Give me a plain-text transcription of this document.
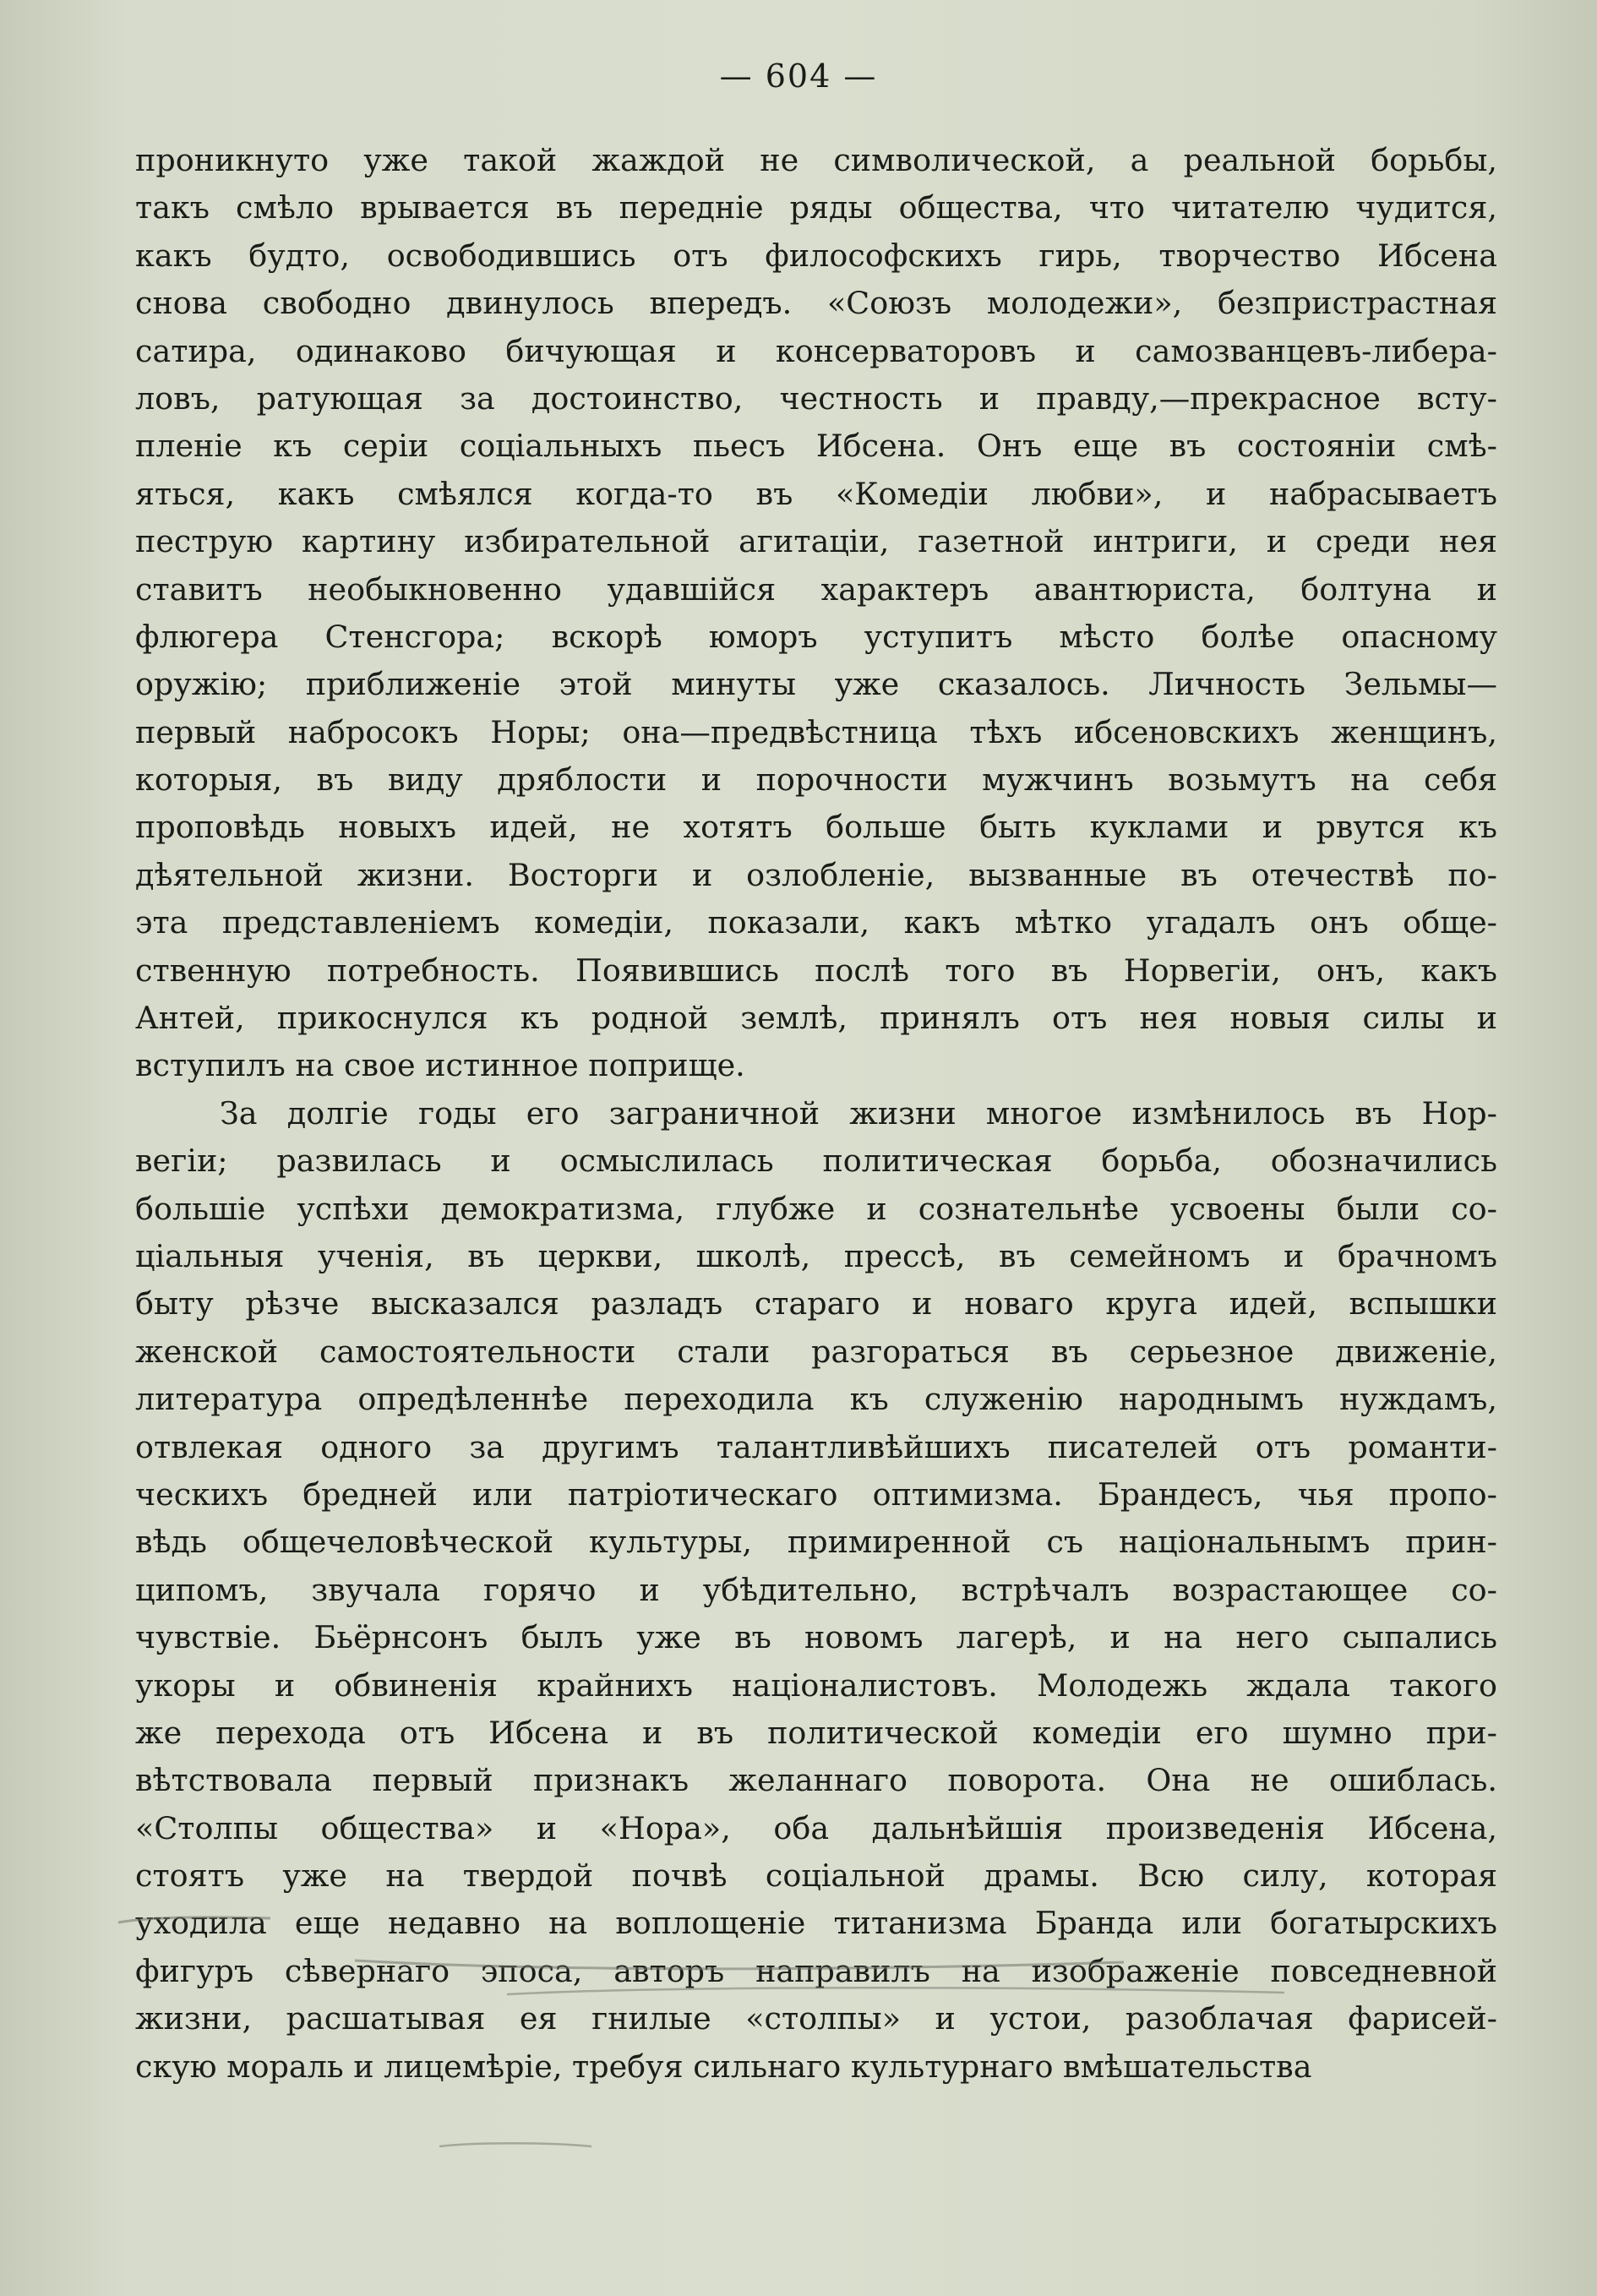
— 604 —
проникнуто уже такой жаждой не символической, а реальной борьбы,
такъ смѣло врывается въ передніе ряды общества, что читателю чудится,
какъ будто, освободившись отъ философскихъ гирь, творчество Ибсена
снова свободно двинулось впередъ. «Союзъ молодежи», безпристрастная
сатира, одинаково бичующая и консерваторовъ и самозванцевъ-либера-
ловъ, ратующая за достоинство, честность и правду,—прекрасное всту-
пленіе къ серіи соціальныхъ пьесъ Ибсена. Онъ еще въ состояніи смѣ-
яться, какъ смѣялся когда-то въ «Комедіи любви», и набрасываетъ
пеструю картину избирательной агитаціи, газетной интриги, и среди нея
ставитъ необыкновенно удавшійся характеръ авантюриста, болтуна и
флюгера Стенсгора; вскорѣ юморъ уступитъ мѣсто болѣе опасному
оружію; приближеніе этой минуты уже сказалось. Личность Зельмы—
первый набросокъ Норы; она—предвѣстница тѣхъ ибсеновскихъ женщинъ,
которыя, въ виду дряблости и порочности мужчинъ возьмутъ на себя
проповѣдь новыхъ идей, не хотятъ больше быть куклами и рвутся къ
дѣятельной жизни. Восторги и озлобленіе, вызванные въ отечествѣ по-
эта представленіемъ комедіи, показали, какъ мѣтко угадалъ онъ обще-
ственную потребность. Появившись послѣ того въ Норвегіи, онъ, какъ
Антей, прикоснулся къ родной землѣ, принялъ отъ нея новыя силы и
вступилъ на свое истинное поприще.
За долгіе годы его заграничной жизни многое измѣнилось въ Нор-
вегіи; развилась и осмыслилась политическая борьба, обозначились
большіе успѣхи демократизма, глубже и сознательнѣе усвоены были со-
ціальныя ученія, въ церкви, школѣ, прессѣ, въ семейномъ и брачномъ
быту рѣзче высказался разладъ стараго и новаго круга идей, вспышки
женской самостоятельности стали разгораться въ серьезное движеніе,
литература опредѣленнѣе переходила къ служенію народнымъ нуждамъ,
отвлекая одного за другимъ талантливѣйшихъ писателей отъ романти-
ческихъ бредней или патріотическаго оптимизма. Брандесъ, чья пропо-
вѣдь общечеловѣческой культуры, примиренной съ національнымъ прин-
ципомъ, звучала горячо и убѣдительно, встрѣчалъ возрастающее со-
чувствіе. Бьёрнсонъ былъ уже въ новомъ лагерѣ, и на него сыпались
укоры и обвиненія крайнихъ націоналистовъ. Молодежь ждала такого
же перехода отъ Ибсена и въ политической комедіи его шумно при-
вѣтствовала первый признакъ желаннаго поворота. Она не ошиблась.
«Столпы общества» и «Нора», оба дальнѣйшія произведенія Ибсена,
стоятъ уже на твердой почвѣ соціальной драмы. Всю силу, которая
уходила еще недавно на воплощеніе титанизма Бранда или богатырскихъ
фигуръ сѣвернаго эпоса, авторъ направилъ на изображеніе повседневной
жизни, расшатывая ея гнилые «столпы» и устои, разоблачая фарисей-
скую мораль и лицемѣріе, требуя сильнаго культурнаго вмѣшательства
